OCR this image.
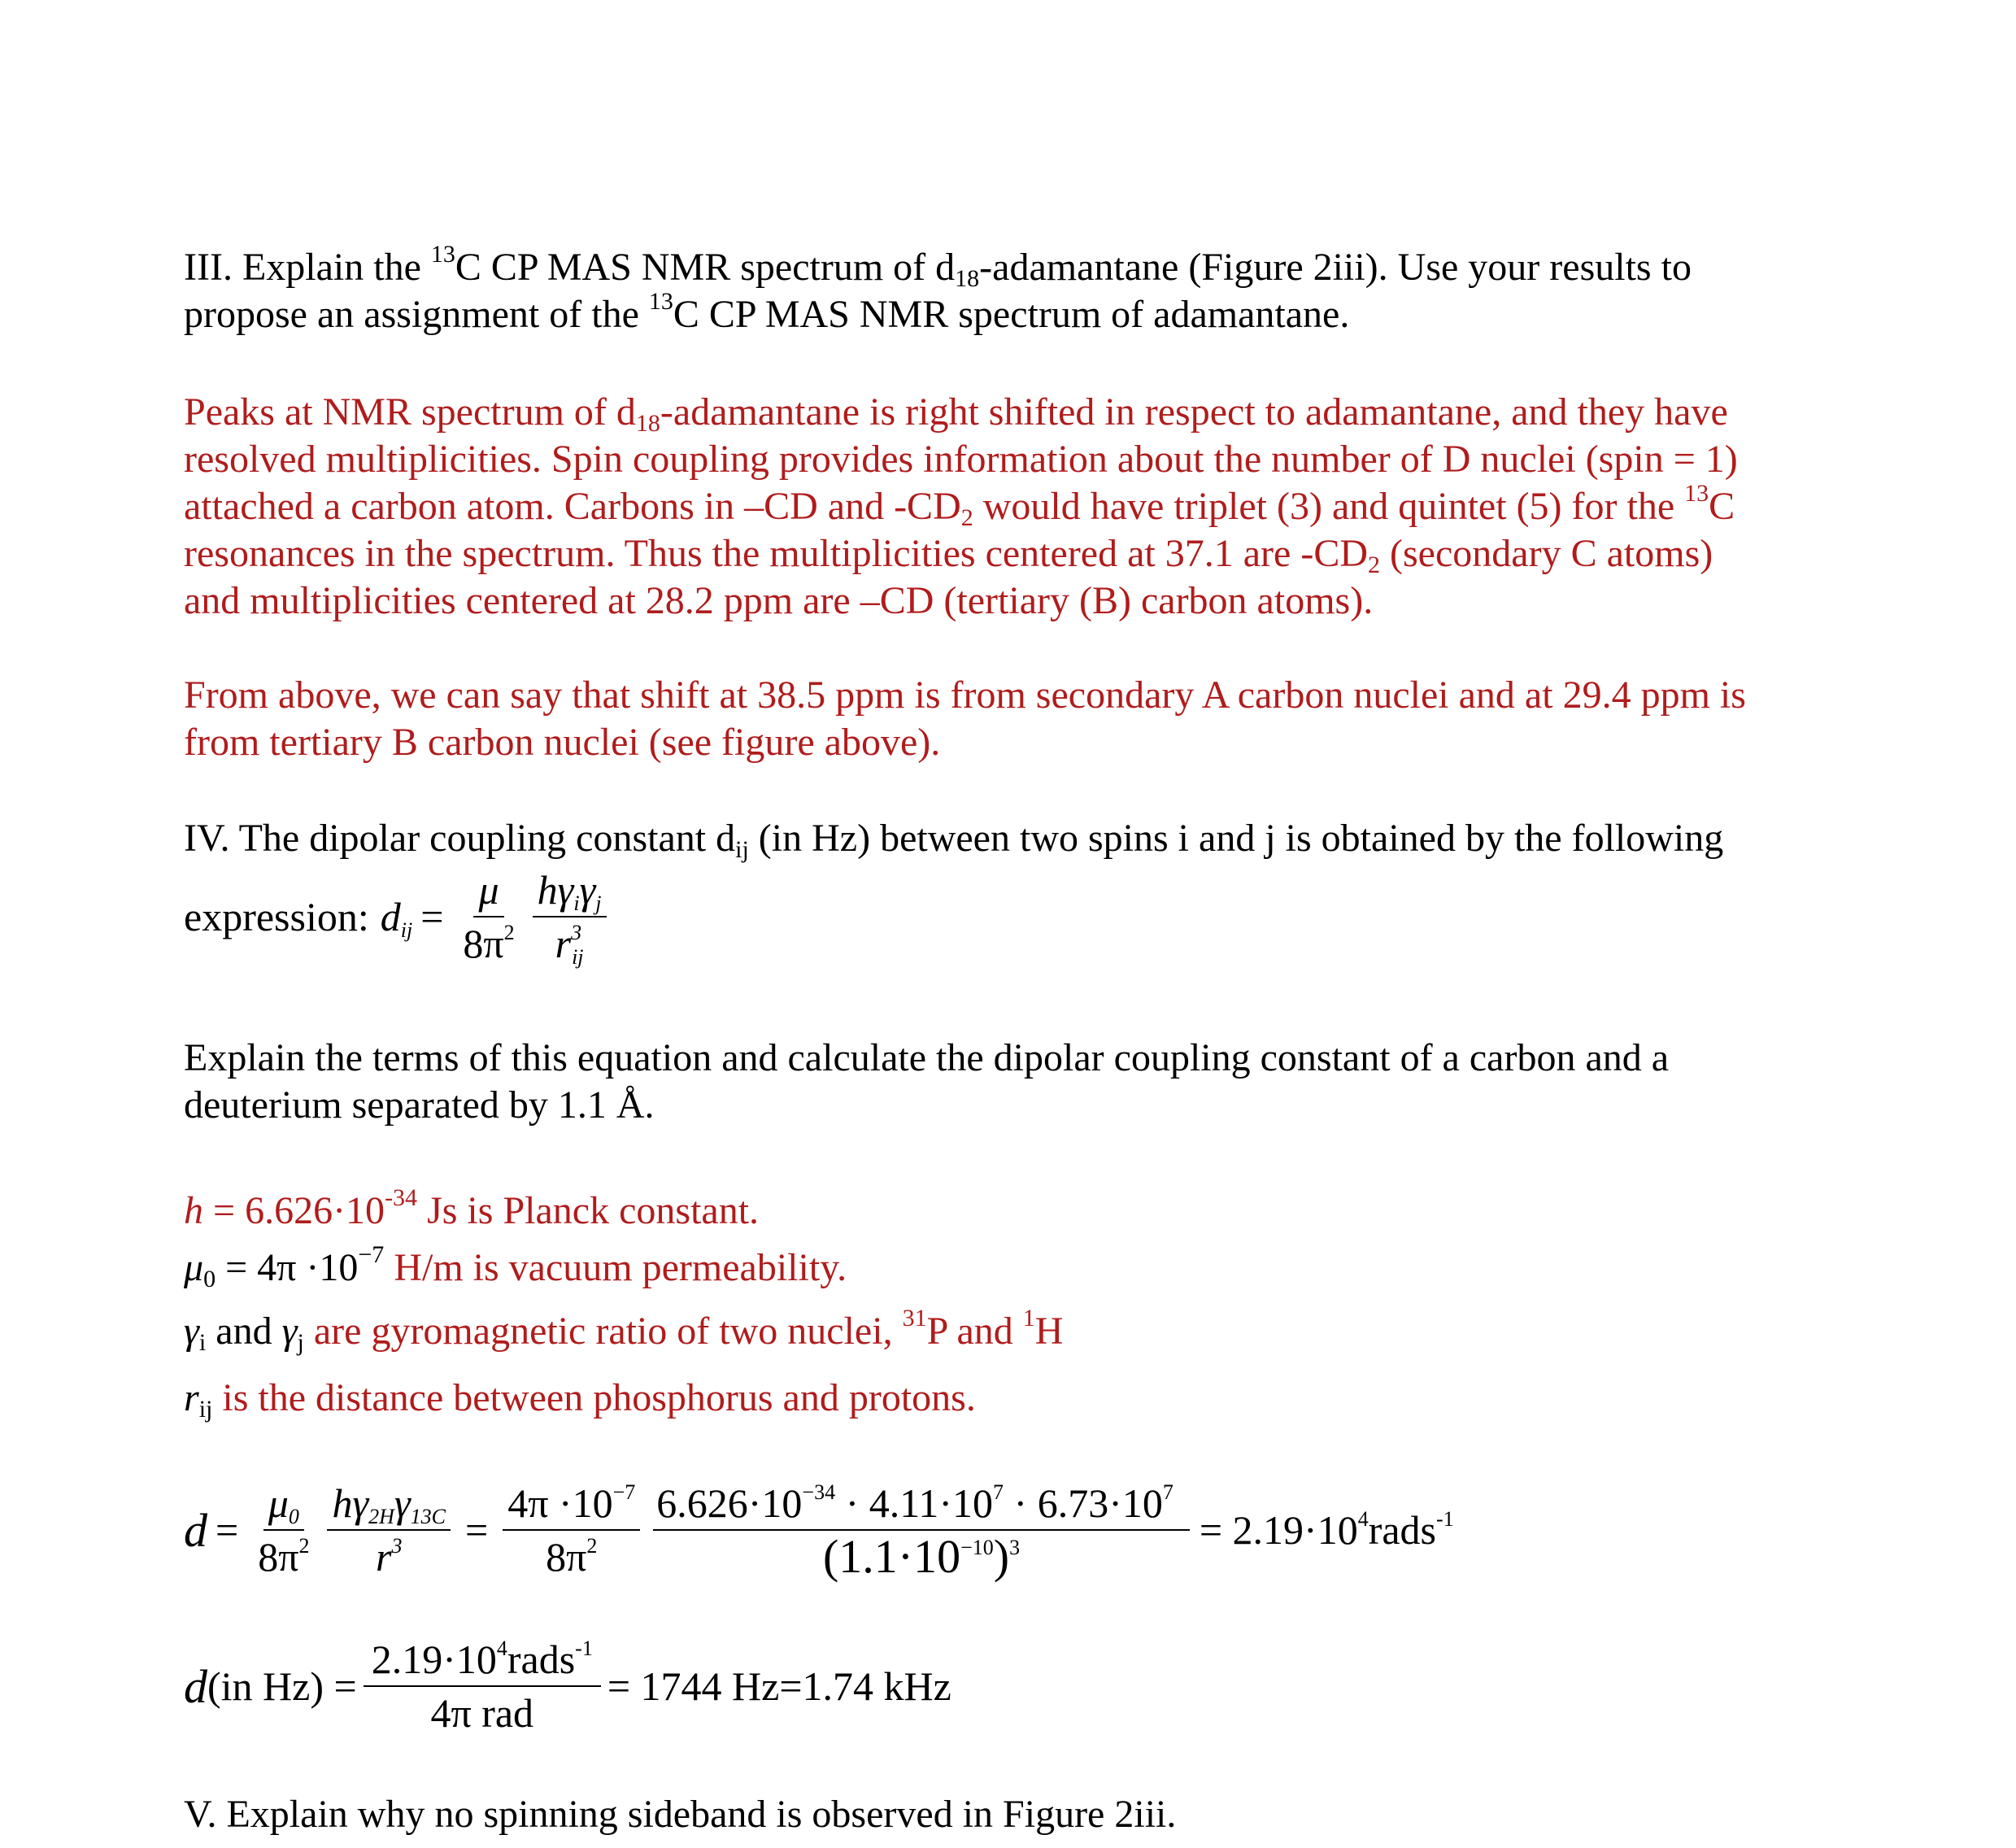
III. Explain the $^{13}$C CP MAS NMR spectrum of $d_{18}$-adamantane (Figure 2iii). Use your results to
propose an assignment of the $^{13}$C CP MAS NMR spectrum of adamantane.
Peaks at NMR spectrum of $d_{18}$-adamantane is right shifted in respect to adamantane, and they have
resolved multiplicities. Spin coupling provides information about the number of D nuclei (spin = 1)
attached a carbon atom. Carbons in –CD and $-CD_2$ would have triplet (3) and quintet (5) for the $^{13}$C
resonances in the spectrum. Thus the multiplicities centered at 37.1 are $-CD_2$ (secondary C atoms)
and multiplicities centered at 28.2 ppm are –CD (tertiary (B) carbon atoms).
From above, we can say that shift at 38.5 ppm is from secondary A carbon nuclei and at 29.4 ppm is
from tertiary B carbon nuclei (see figure above).
IV. The dipolar coupling constant $d_{ij}$ (in Hz) between two spins i and j is obtained by the following
expression: $d_{ij} = \frac{\mu}{8\pi^2} \frac{h\gamma_i\gamma_j}{r^3_{ij}}$
Explain the terms of this equation and calculate the dipolar coupling constant of a carbon and a
deuterium separated by 1.1 Å.
$h = 6.626\cdot 10^{-34}$ Js is Planck constant.
$\mu_0 = 4\pi \cdot 10^{-7}$ H/m is vacuum permeability.
$\gamma_i$ and $\gamma_j$ are gyromagnetic ratio of two nuclei, $^{31}$P and $^1$H
$r_{ij}$ is the distance between phosphorus and protons.
$d = \frac{\mu_0}{8\pi^2} \frac{h\gamma_{2H}\gamma_{13C}}{r^3} = \frac{4\pi \cdot 10^{-7}}{8\pi^2} \frac{6.626\cdot 10^{-34} \cdot 4.11\cdot 10^7 \cdot 6.73\cdot 10^7}{(1.1\cdot 10^{-10})^3}$ = $2.19\cdot 10^4rads^{-1}$
d (in $Hz) = \frac{2.19\cdot 10^4rads^{-1}}{\text{4π rad}} = 1744$ Hz=1.74 kHz
V. Explain why no spinning sideband is observed in Figure 2iii.
